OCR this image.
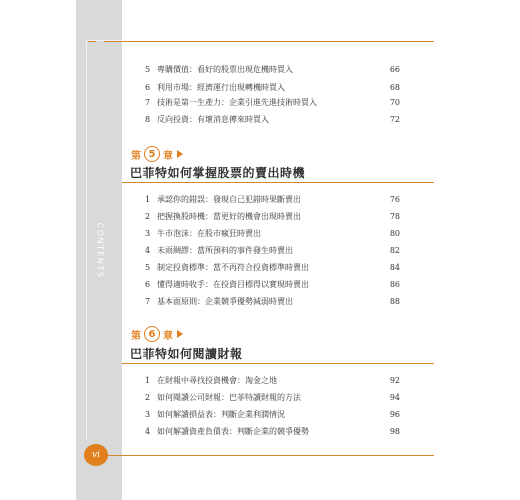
CONTENTS
5 專購價值：看好的股票出現危機時買入	66
6 利用市場：經濟運行出現轉機時買入	68
7 技術是第一生產力：企業引進先進技術時買入	70
8 反向投資：有壞消息傳來時買入	72
第 5 章
巴菲特如何掌握股票的賣出時機
1 承認你的錯誤：發現自己犯錯時果斷賣出	76
2 把握換股時機：當更好的機會出現時賣出	78
3 牛市泡沫：在股市瘋狂時賣出	80
4 未雨綢繆：當所預料的事件發生時賣出	82
5 制定投資標準：當不再符合投資標準時賣出	84
6 懂得適時收手：在投資目標得以實現時賣出	86
7 基本面原則：企業競爭優勢減弱時賣出	88
第 6 章
巴菲特如何閱讀財報
1 在財報中尋找投資機會：淘金之地	92
2 如何閱讀公司財報：巴菲特讀財報的方法	94
3 如何解讀損益表：判斷企業利潤情況	96
4 如何解讀資產負債表：判斷企業的競爭優勢	98
vi
